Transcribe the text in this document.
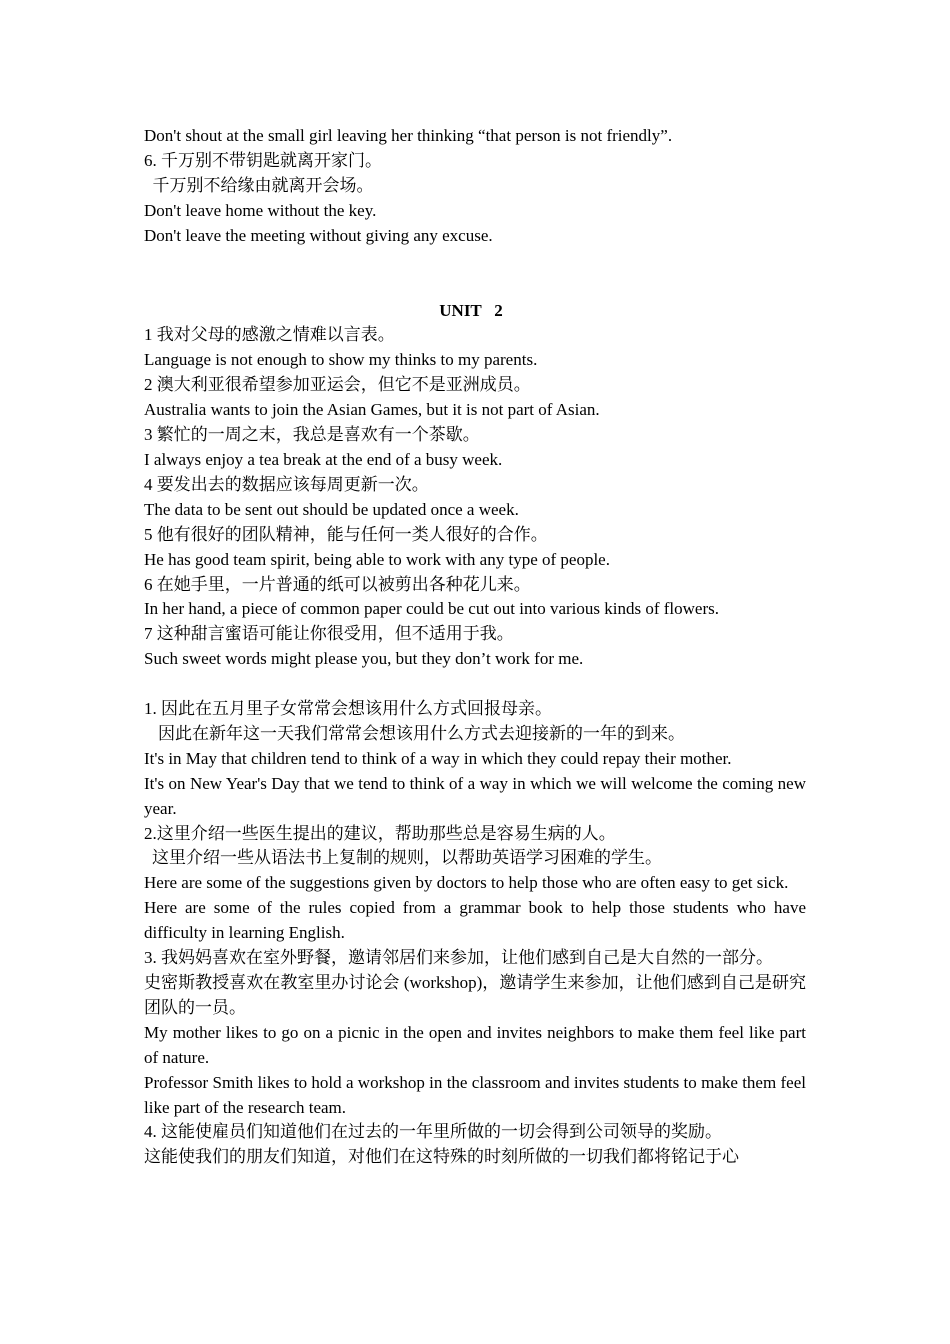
Don't shout at the small girl leaving her thinking “that person is not friendly”.
6. 千万别不带钥匙就离开家门。
千万别不给缘由就离开会场。
Don't leave home without the key.
Don't leave the meeting without giving any excuse.
UNIT   2
1 我对父母的感激之情难以言表。
Language is not enough to show my thinks to my parents.
2 澳大利亚很希望参加亚运会，但它不是亚洲成员。
Australia wants to join the Asian Games, but it is not part of Asian.
3 繁忙的一周之末，我总是喜欢有一个茶歇。
I always enjoy a tea break at the end of a busy week.
4 要发出去的数据应该每周更新一次。
The data to be sent out should be updated once a week.
5 他有很好的团队精神，能与任何一类人很好的合作。
He has good team spirit, being able to work with any type of people.
6 在她手里，一片普通的纸可以被剪出各种花儿来。
In her hand, a piece of common paper could be cut out into various kinds of flowers.
7 这种甜言蜜语可能让你很受用，但不适用于我。
Such sweet words might please you, but they don’t work for me.
1. 因此在五月里子女常常会想该用什么方式回报母亲。
因此在新年这一天我们常常会想该用什么方式去迎接新的一年的到来。
It's in May that children tend to think of a way in which they could repay their mother.
It's on New Year's Day that we tend to think of a way in which we will welcome the coming new year.
2.这里介绍一些医生提出的建议，帮助那些总是容易生病的人。
这里介绍一些从语法书上复制的规则，以帮助英语学习困难的学生。
Here are some of the suggestions given by doctors to help those who are often easy to get sick.
Here are some of the rules copied from a grammar book to help those students who have difficulty in learning English.
3. 我妈妈喜欢在室外野餐，邀请邻居们来参加，让他们感到自己是大自然的一部分。
史密斯教授喜欢在教室里办讨论会 (workshop)，邀请学生来参加，让他们感到自己是研究团队的一员。
My mother likes to go on a picnic in the open and invites neighbors to make them feel like part of nature.
Professor Smith likes to hold a workshop in the classroom and invites students to make them feel like part of the research team.
4. 这能使雇员们知道他们在过去的一年里所做的一切会得到公司领导的奖励。
这能使我们的朋友们知道，对他们在这特殊的时刻所做的一切我们都将铭记于心
